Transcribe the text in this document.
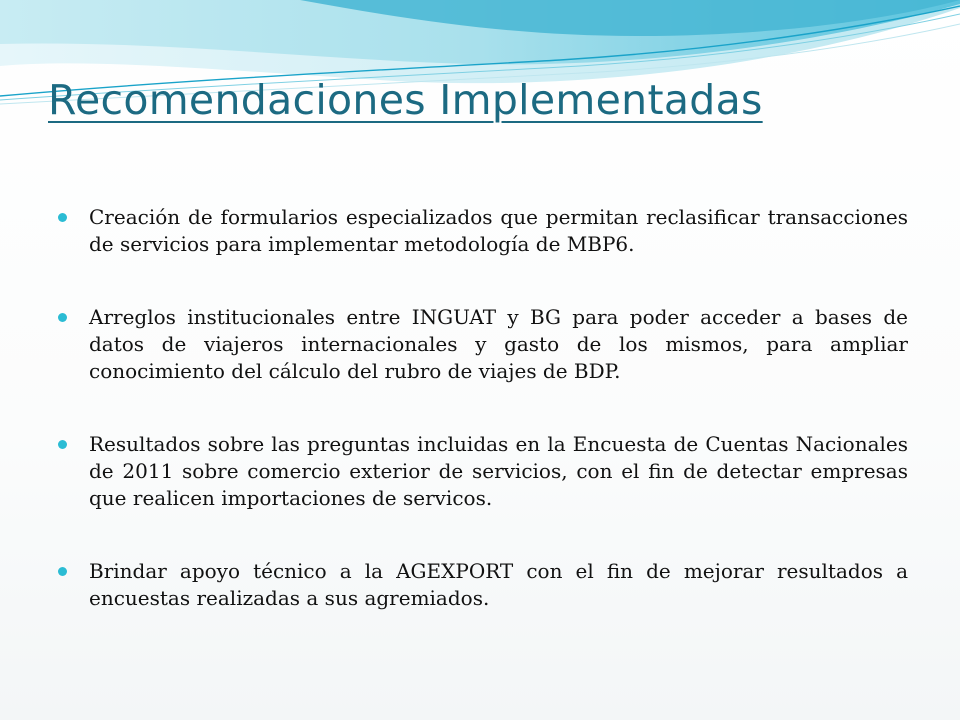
Recomendaciones Implementadas
Creación de formularios especializados que permitan reclasificar transacciones de servicios para implementar metodología de MBP6.
Arreglos institucionales entre INGUAT y BG para poder acceder a bases de datos de viajeros internacionales y gasto de los mismos, para ampliar conocimiento del cálculo del rubro de viajes de BDP.
Resultados sobre las preguntas incluidas en la Encuesta de Cuentas Nacionales de 2011 sobre comercio exterior de servicios, con el fin de detectar empresas que realicen importaciones de servicos.
Brindar apoyo técnico a la AGEXPORT con el fin de mejorar resultados a encuestas realizadas a sus agremiados.
